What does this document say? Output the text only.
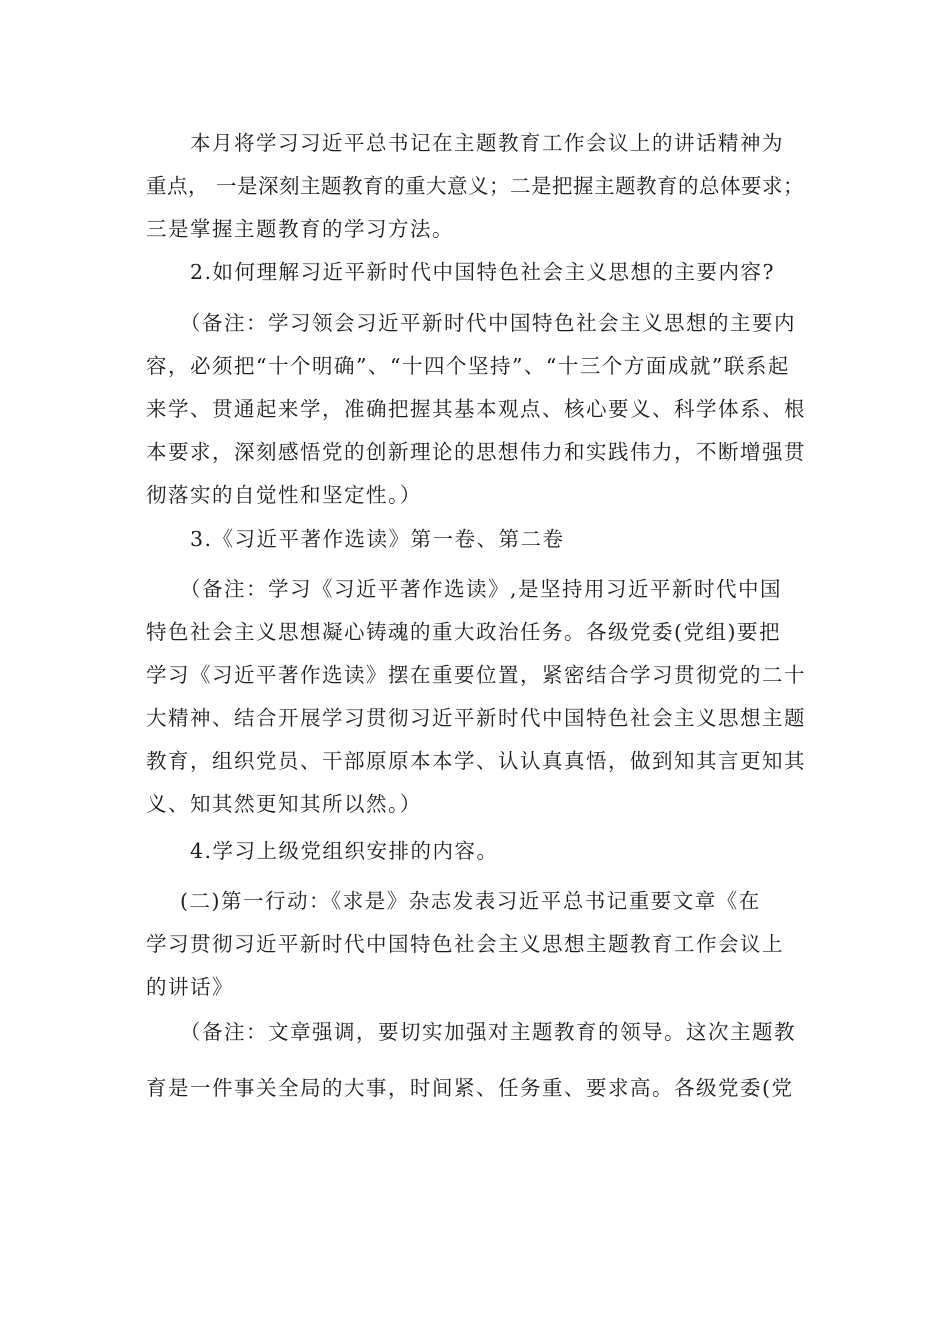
本月将学习习近平总书记在主题教育工作会议上的讲话精神为
重点， 一是深刻主题教育的重大意义；二是把握主题教育的总体要求；
三是掌握主题教育的学习方法。

2.如何理解习近平新时代中国特色社会主义思想的主要内容?

（备注：学习领会习近平新时代中国特色社会主义思想的主要内
容，必须把“十个明确”、“十四个坚持”、“十三个方面成就”联系起
来学、贯通起来学，准确把握其基本观点、核心要义、科学体系、根
本要求，深刻感悟党的创新理论的思想伟力和实践伟力，不断增强贯
彻落实的自觉性和坚定性。）

3.《习近平著作选读》第一卷、第二卷

（备注：学习《习近平著作选读》,是坚持用习近平新时代中国
特色社会主义思想凝心铸魂的重大政治任务。各级党委(党组)要把
学习《习近平著作选读》摆在重要位置，紧密结合学习贯彻党的二十
大精神、结合开展学习贯彻习近平新时代中国特色社会主义思想主题
教育，组织党员、干部原原本本学、认认真真悟，做到知其言更知其
义、知其然更知其所以然。）

4.学习上级党组织安排的内容。

(二)第一行动：《求是》杂志发表习近平总书记重要文章《在
学习贯彻习近平新时代中国特色社会主义思想主题教育工作会议上
的讲话》

（备注：文章强调，要切实加强对主题教育的领导。这次主题教
育是一件事关全局的大事，时间紧、任务重、要求高。各级党委(党
